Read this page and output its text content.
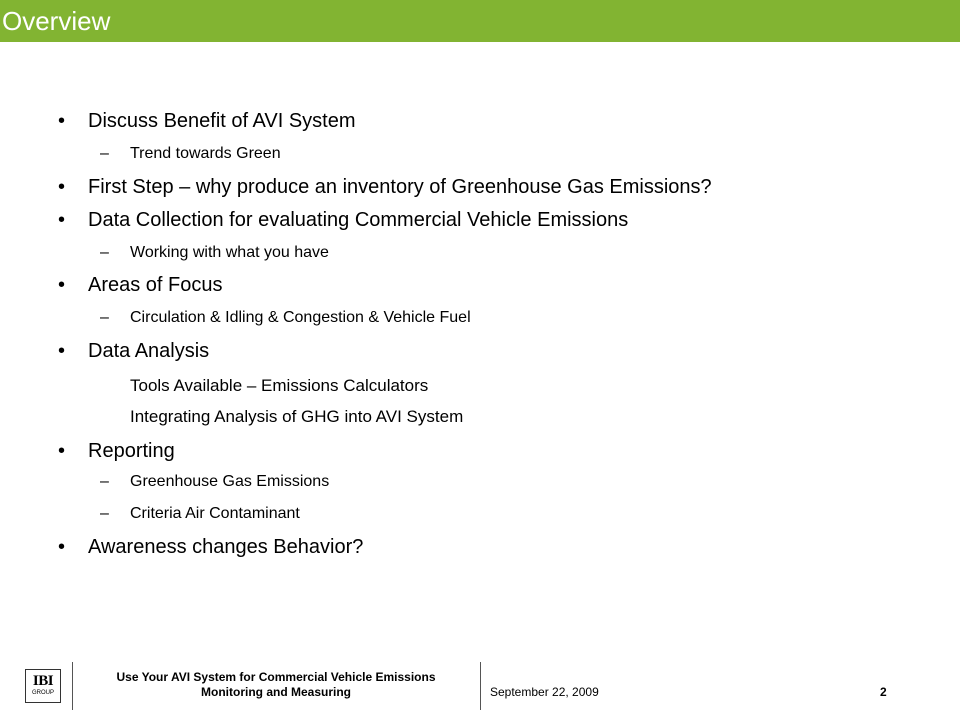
Overview
• Discuss Benefit of AVI System
– Trend towards Green
• First Step – why produce an inventory of Greenhouse Gas Emissions?
• Data Collection for evaluating Commercial Vehicle Emissions
– Working with what you have
• Areas of Focus
– Circulation & Idling & Congestion & Vehicle Fuel
• Data Analysis
Tools Available – Emissions Calculators
Integrating Analysis of GHG into AVI System
• Reporting
– Greenhouse Gas Emissions
– Criteria Air Contaminant
• Awareness changes Behavior?
IBI
GROUP
Use Your AVI System for Commercial Vehicle Emissions
Monitoring and Measuring	September 22, 2009	2
